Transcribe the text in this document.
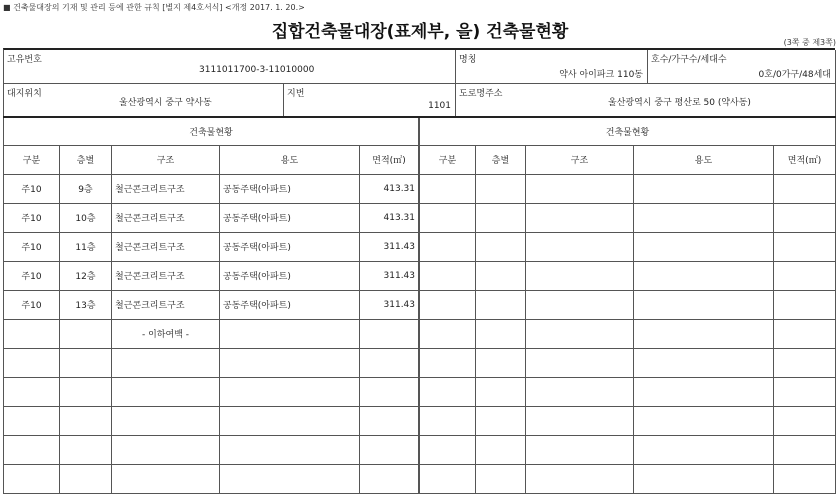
■ 건축물대장의 기재 및 관리 등에 관한 규칙 [별지 제4호서식] <개정 2017. 1. 20.>
집합건축물대장(표제부, 을) 건축물현황
(3쪽 중 제3쪽)
고유번호
3111011700-3-11010000
명칭
약사 아이파크 110동
호수/가구수/세대수
0호/0가구/48세대
대지위치
울산광역시 중구 약사동
지번
1101
도로명주소
울산광역시 중구 평산로 50 (약사동)
건축물현황				
구분	층별	구조	용도	면적(㎡)
주10	9층	철근콘크리트구조	공동주택(아파트)	413.31
주10	10층	철근콘크리트구조	공동주택(아파트)	413.31
주10	11층	철근콘크리트구조	공동주택(아파트)	311.43
주10	12층	철근콘크리트구조	공동주택(아파트)	311.43
주10	13층	철근콘크리트구조	공동주택(아파트)	311.43
		- 이하여백 -		

건축물현황				
구분	층별	구조	용도	면적(㎡)
